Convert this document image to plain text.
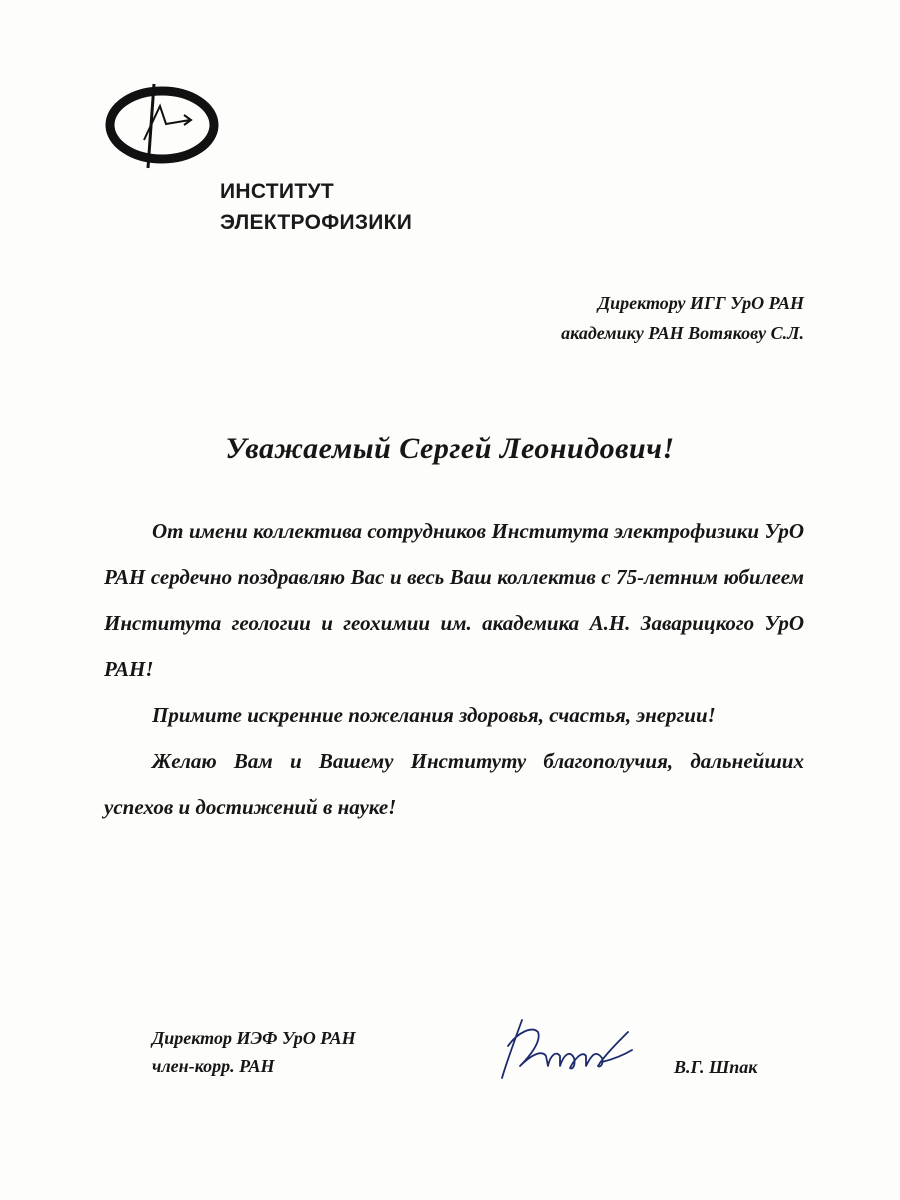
ИНСТИТУТ
ЭЛЕКТРОФИЗИКИ
Директору ИГГ УрО РАН
академику РАН Вотякову С.Л.
Уважаемый Сергей Леонидович!

От имени коллектива сотрудников Института электрофизики УрО РАН сердечно поздравляю Вас и весь Ваш коллектив с 75-летним юбилеем Института геологии и геохимии им. академика А.Н. Заварицкого УрО РАН!

Примите искренние пожелания здоровья, счастья, энергии!

Желаю Вам и Вашему Институту благополучия, дальнейших успехов и достижений в науке!

Директор ИЭФ УрО РАН
член-корр. РАН	В.Г. Шпак
